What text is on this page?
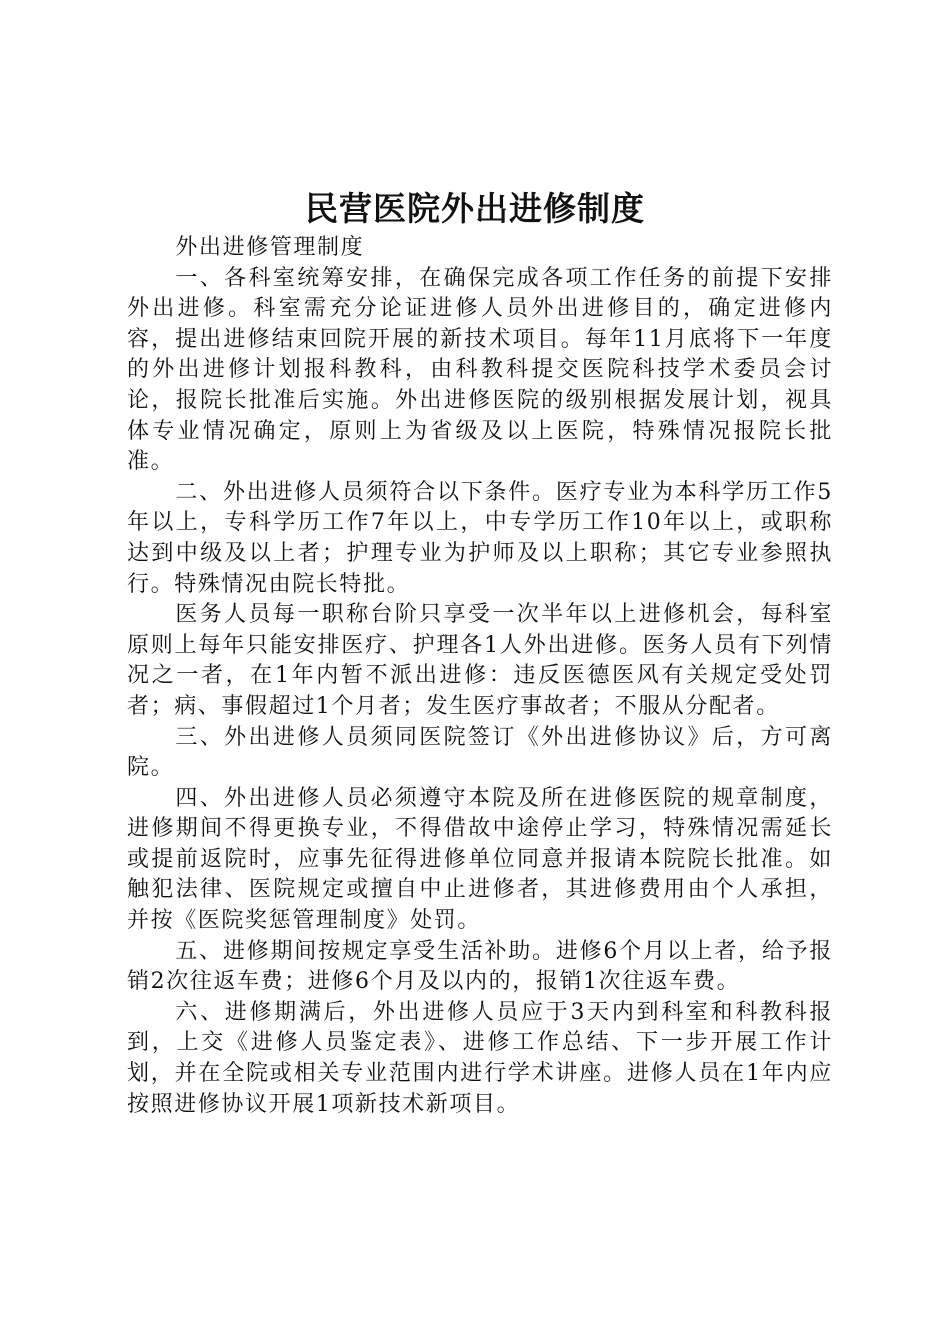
民营医院外出进修制度

外出进修管理制度

一、各科室统筹安排，在确保完成各项工作任务的前提下安排外出进修。科室需充分论证进修人员外出进修目的，确定进修内容，提出进修结束回院开展的新技术项目。每年11月底将下一年度的外出进修计划报科教科，由科教科提交医院科技学术委员会讨论，报院长批准后实施。外出进修医院的级别根据发展计划，视具体专业情况确定，原则上为省级及以上医院，特殊情况报院长批准。

二、外出进修人员须符合以下条件。医疗专业为本科学历工作5年以上，专科学历工作7年以上，中专学历工作10年以上，或职称达到中级及以上者；护理专业为护师及以上职称；其它专业参照执行。特殊情况由院长特批。

医务人员每一职称台阶只享受一次半年以上进修机会，每科室原则上每年只能安排医疗、护理各1人外出进修。医务人员有下列情况之一者，在1年内暂不派出进修：违反医德医风有关规定受处罚者；病、事假超过1个月者；发生医疗事故者；不服从分配者。

三、外出进修人员须同医院签订《外出进修协议》后，方可离院。

四、外出进修人员必须遵守本院及所在进修医院的规章制度，进修期间不得更换专业，不得借故中途停止学习，特殊情况需延长或提前返院时，应事先征得进修单位同意并报请本院院长批准。如触犯法律、医院规定或擅自中止进修者，其进修费用由个人承担，并按《医院奖惩管理制度》处罚。

五、进修期间按规定享受生活补助。进修6个月以上者，给予报销2次往返车费；进修6个月及以内的，报销1次往返车费。

六、进修期满后，外出进修人员应于3天内到科室和科教科报到，上交《进修人员鉴定表》、进修工作总结、下一步开展工作计划，并在全院或相关专业范围内进行学术讲座。进修人员在1年内应按照进修协议开展1项新技术新项目。
